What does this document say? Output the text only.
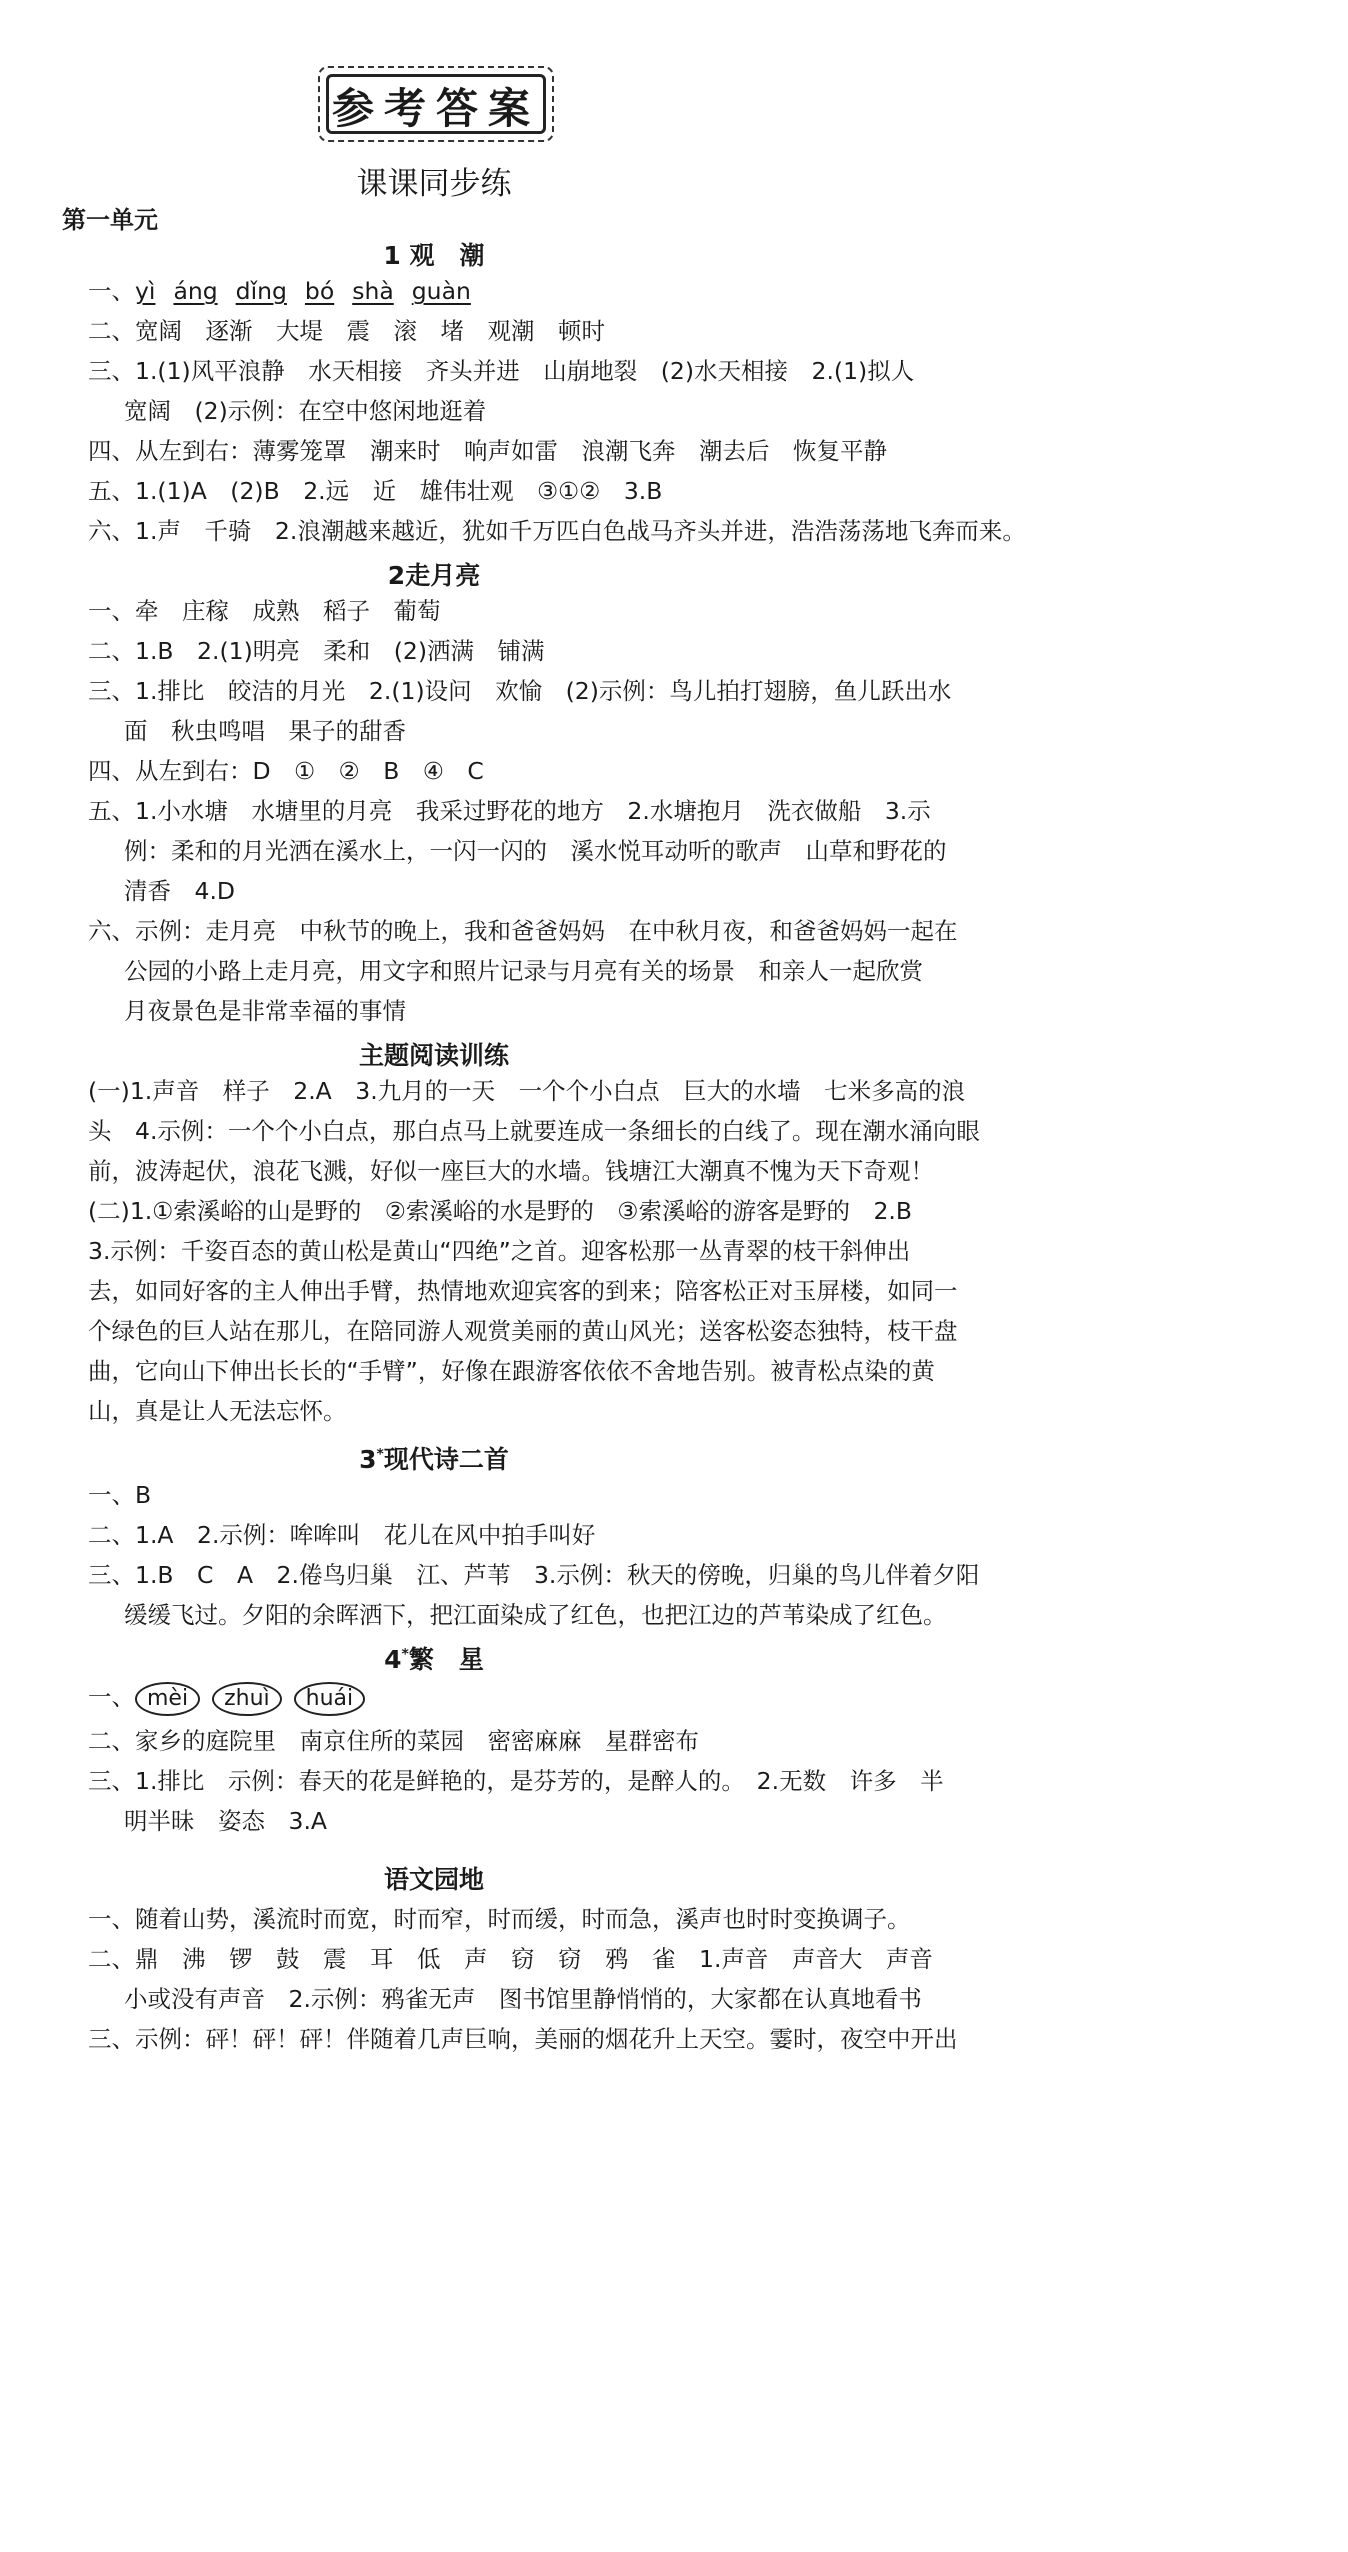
参考答案
课课同步练
第一单元
1 观　潮
一、yì áng dǐng bó shà guàn
二、宽阔　逐渐　大堤　震　滚　堵　观潮　顿时
三、1.(1)风平浪静　水天相接　齐头并进　山崩地裂　(2)水天相接　2.(1)拟人
宽阔　(2)示例：在空中悠闲地逛着
四、从左到右：薄雾笼罩　潮来时　响声如雷　浪潮飞奔　潮去后　恢复平静
五、1.(1)A　(2)B　2.远　近　雄伟壮观　③①②　3.B
六、1.声　千骑　2.浪潮越来越近，犹如千万匹白色战马齐头并进，浩浩荡荡地飞奔而来。
2走月亮
一、牵　庄稼　成熟　稻子　葡萄
二、1.B　2.(1)明亮　柔和　(2)洒满　铺满
三、1.排比　皎洁的月光　2.(1)设问　欢愉　(2)示例：鸟儿拍打翅膀，鱼儿跃出水
面　秋虫鸣唱　果子的甜香
四、从左到右：D　①　②　B　④　C
五、1.小水塘　水塘里的月亮　我采过野花的地方　2.水塘抱月　洗衣做船　3.示
例：柔和的月光洒在溪水上，一闪一闪的　溪水悦耳动听的歌声　山草和野花的
清香　4.D
六、示例：走月亮　中秋节的晚上，我和爸爸妈妈　在中秋月夜，和爸爸妈妈一起在
公园的小路上走月亮，用文字和照片记录与月亮有关的场景　和亲人一起欣赏
月夜景色是非常幸福的事情
主题阅读训练
(一)1.声音　样子　2.A　3.九月的一天　一个个小白点　巨大的水墙　七米多高的浪
头　4.示例：一个个小白点，那白点马上就要连成一条细长的白线了。现在潮水涌向眼
前，波涛起伏，浪花飞溅，好似一座巨大的水墙。钱塘江大潮真不愧为天下奇观！
(二)1.①索溪峪的山是野的　②索溪峪的水是野的　③索溪峪的游客是野的　2.B
3.示例：千姿百态的黄山松是黄山“四绝”之首。迎客松那一丛青翠的枝干斜伸出
去，如同好客的主人伸出手臂，热情地欢迎宾客的到来；陪客松正对玉屏楼，如同一
个绿色的巨人站在那儿，在陪同游人观赏美丽的黄山风光；送客松姿态独特，枝干盘
曲，它向山下伸出长长的“手臂”，好像在跟游客依依不舍地告别。被青松点染的黄
山，真是让人无法忘怀。
3*现代诗二首
一、B
二、1.A　2.示例：哞哞叫　花儿在风中拍手叫好
三、1.B　C　A　2.倦鸟归巢　江、芦苇　3.示例：秋天的傍晚，归巢的鸟儿伴着夕阳
缓缓飞过。夕阳的余晖洒下，把江面染成了红色，也把江边的芦苇染成了红色。
4*繁　星
一、 mèi zhuì huái
二、家乡的庭院里　南京住所的菜园　密密麻麻　星群密布
三、1.排比　示例：春天的花是鲜艳的，是芬芳的，是醉人的。　2.无数　许多　半
明半昧　姿态　3.A
语文园地
一、随着山势，溪流时而宽，时而窄，时而缓，时而急，溪声也时时变换调子。
二、鼎　沸　锣　鼓　震　耳　低　声　窃　窃　鸦　雀　1.声音　声音大　声音
小或没有声音　2.示例：鸦雀无声　图书馆里静悄悄的，大家都在认真地看书
三、示例：砰！砰！砰！伴随着几声巨响，美丽的烟花升上天空。霎时，夜空中开出
